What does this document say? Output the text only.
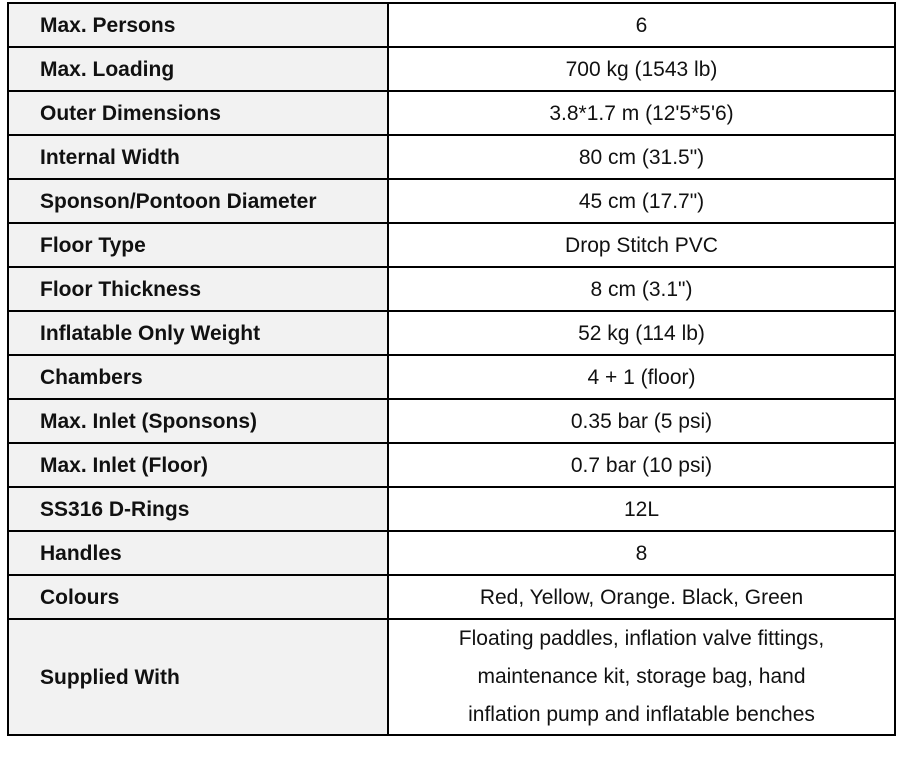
Max. Persons	6
Max. Loading	700 kg (1543 lb)
Outer Dimensions	3.8*1.7 m (12'5*5'6)
Internal Width	80 cm (31.5")
Sponson/Pontoon Diameter	45 cm (17.7")
Floor Type	Drop Stitch PVC
Floor Thickness	8 cm (3.1")
Inflatable Only Weight	52 kg (114 lb)
Chambers	4 + 1 (floor)
Max. Inlet (Sponsons)	0.35 bar (5 psi)
Max. Inlet (Floor)	0.7 bar (10 psi)
SS316 D-Rings	12L
Handles	8
Colours	Red, Yellow, Orange. Black, Green
Supplied With	Floating paddles, inflation valve fittings,
maintenance kit, storage bag, hand
inflation pump and inflatable benches
